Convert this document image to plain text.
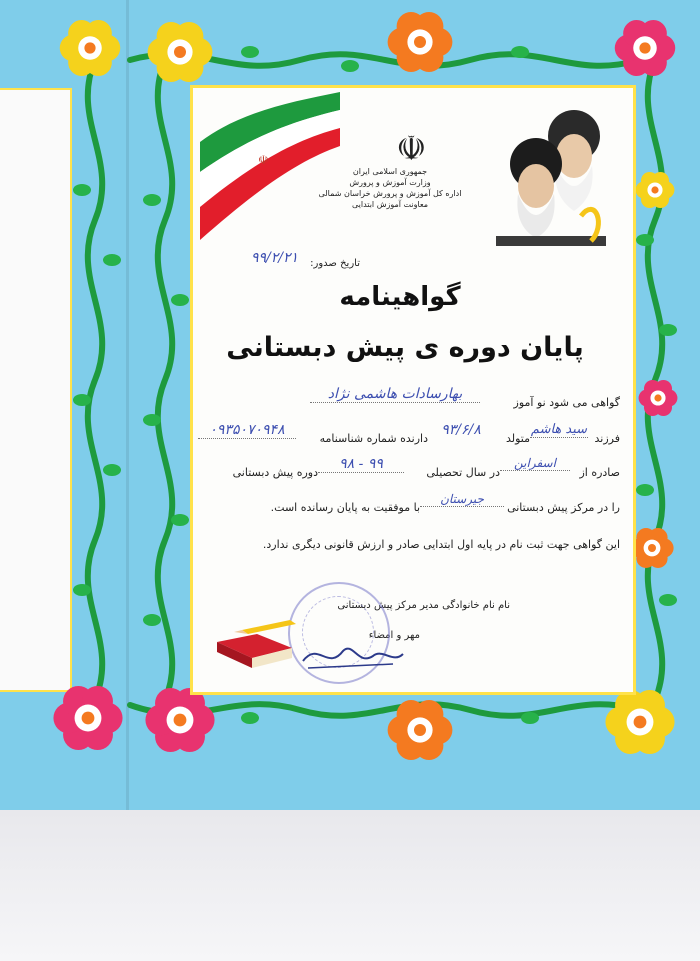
☫	☫
جمهوری اسلامی ایران
وزارت آموزش و پرورش
اداره کل آموزش و پرورش خراسان شمالی
معاونت آموزش ابتدایی
تاریخ صدور:
۹۹/۲/۲۱
گواهینامه
پایان دوره ی پیش دبستانی
گواهی می شود نو آموز
بهارسادات هاشمی نژاد
فرزند
سید هاشم
متولد
۹۳/۶/۸
دارنده شماره شناسنامه
۰۹۳۵۰۷۰۹۴۸
صادره از
اسفراین
در سال تحصیلی
۹۹ - ۹۸
دوره پیش دبستانی
را در مرکز پیش دبستانی
جیرستان
با موفقیت به پایان رسانده است.
این گواهی جهت ثبت نام در پایه اول ابتدایی صادر و ارزش قانونی دیگری ندارد.
نام نام خانوادگی مدیر مرکز پیش دبستانی
مهر و امضاء
